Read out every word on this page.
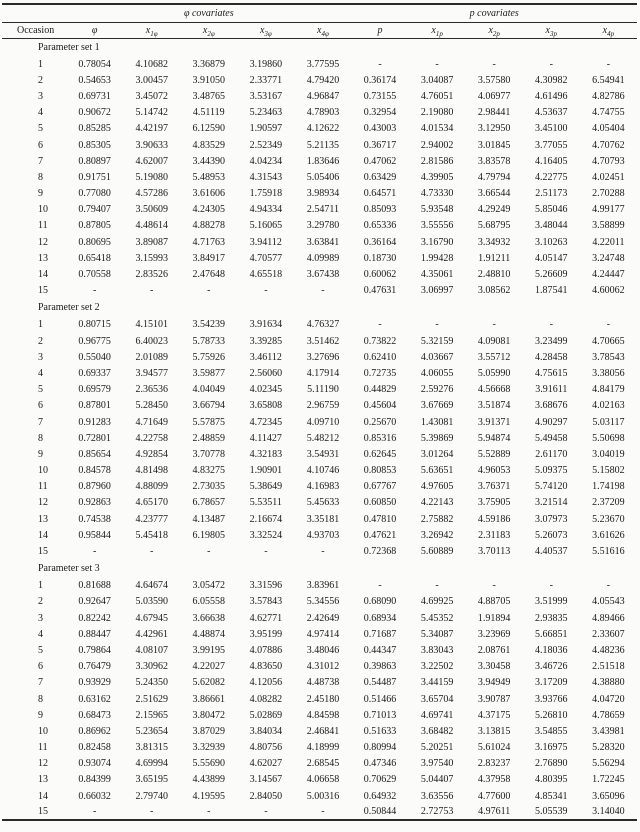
	φ covariates					p covariates				
Occasion	φ	$x_{1\varphi}$	$x_{2\varphi}$	$x_{3\varphi}$	$x_{4\varphi}$	p	$x_{1p}$	$x_{2p}$	$x_{3p}$	$x_{4p}$
Parameter set 1										
1	0.78054	4.10682	3.36879	3.19860	3.77595	-	-	-	-	-
2	0.54653	3.00457	3.91050	2.33771	4.79420	0.36174	3.04087	3.57580	4.30982	6.54941
3	0.69731	3.45072	3.48765	3.53167	4.96847	0.73155	4.76051	4.06977	4.61496	4.82786
4	0.90672	5.14742	4.51119	5.23463	4.78903	0.32954	2.19080	2.98441	4.53637	4.74755
5	0.85285	4.42197	6.12590	1.90597	4.12622	0.43003	4.01534	3.12950	3.45100	4.05404
6	0.85305	3.90633	4.83529	2.52349	5.21135	0.36717	2.94002	3.01845	3.77055	4.70762
7	0.80897	4.62007	3.44390	4.04234	1.83646	0.47062	2.81586	3.83578	4.16405	4.70793
8	0.91751	5.19080	5.48953	4.31543	5.05406	0.63429	4.39905	4.79794	4.22775	4.02451
9	0.77080	4.57286	3.61606	1.75918	3.98934	0.64571	4.73330	3.66544	2.51173	2.70288
10	0.79407	3.50609	4.24305	4.94334	2.54711	0.85093	5.93548	4.29249	5.85046	4.99177
11	0.87805	4.48614	4.88278	5.16065	3.29780	0.65336	3.55556	5.68795	3.48044	3.58899
12	0.80695	3.89087	4.71763	3.94112	3.63841	0.36164	3.16790	3.34932	3.10263	4.22011
13	0.65418	3.15993	3.84917	4.70577	4.09989	0.18730	1.99428	1.91211	4.05147	3.24748
14	0.70558	2.83526	2.47648	4.65518	3.67438	0.60062	4.35061	2.48810	5.26609	4.24447
15	-	-	-	-	-	0.47631	3.06997	3.08562	1.87541	4.60062
Parameter set 2										
1	0.80715	4.15101	3.54239	3.91634	4.76327	-	-	-	-	-
2	0.96775	6.40023	5.78733	3.39285	3.51462	0.73822	5.32159	4.09081	3.23499	4.70665
3	0.55040	2.01089	5.75926	3.46112	3.27696	0.62410	4.03667	3.55712	4.28458	3.78543
4	0.69337	3.94577	3.59877	2.56060	4.17914	0.72735	4.06055	5.05990	4.75615	3.38056
5	0.69579	2.36536	4.04049	4.02345	5.11190	0.44829	2.59276	4.56668	3.91611	4.84179
6	0.87801	5.28450	3.66794	3.65808	2.96759	0.45604	3.67669	3.51874	3.68676	4.02163
7	0.91283	4.71649	5.57875	4.72345	4.09710	0.25670	1.43081	3.91371	4.90297	5.03117
8	0.72801	4.22758	2.48859	4.11427	5.48212	0.85316	5.39869	5.94874	5.49458	5.50698
9	0.85654	4.92854	3.70778	4.32183	3.54931	0.62645	3.01264	5.52889	2.61170	3.04019
10	0.84578	4.81498	4.83275	1.90901	4.10746	0.80853	5.63651	4.96053	5.09375	5.15802
11	0.87960	4.88099	2.73035	5.38649	4.16983	0.67767	4.97605	3.76371	5.74120	1.74198
12	0.92863	4.65170	6.78657	5.53511	5.45633	0.60850	4.22143	3.75905	3.21514	2.37209
13	0.74538	4.23777	4.13487	2.16674	3.35181	0.47810	2.75882	4.59186	3.07973	5.23670
14	0.95844	5.45418	6.19805	3.32524	4.93703	0.47621	3.26942	2.31183	5.26073	3.61626
15	-	-	-	-	-	0.72368	5.60889	3.70113	4.40537	5.51616
Parameter set 3										
1	0.81688	4.64674	3.05472	3.31596	3.83961	-	-	-	-	-
2	0.92647	5.03590	6.05558	3.57843	5.34556	0.68090	4.69925	4.88705	3.51999	4.05543
3	0.82242	4.67945	3.66638	4.62771	2.42649	0.68934	5.45352	1.91894	2.93835	4.89466
4	0.88447	4.42961	4.48874	3.95199	4.97414	0.71687	5.34087	3.23969	5.66851	2.33607
5	0.79864	4.08107	3.99195	4.07886	3.48046	0.44347	3.83043	2.08761	4.18036	4.48236
6	0.76479	3.30962	4.22027	4.83650	4.31012	0.39863	3.22502	3.30458	3.46726	2.51518
7	0.93929	5.24350	5.62082	4.12056	4.48738	0.54487	3.44159	3.94949	3.17209	4.38880
8	0.63162	2.51629	3.86661	4.08282	2.45180	0.51466	3.65704	3.90787	3.93766	4.04720
9	0.68473	2.15965	3.80472	5.02869	4.84598	0.71013	4.69741	4.37175	5.26810	4.78659
10	0.86962	5.23654	3.87029	3.84034	2.46841	0.51633	3.68482	3.13815	3.54855	3.43981
11	0.82458	3.81315	3.32939	4.80756	4.18999	0.80994	5.20251	5.61024	3.16975	5.28320
12	0.93074	4.69994	5.55690	4.62027	2.68545	0.47346	3.97540	2.83237	2.76890	5.56294
13	0.84399	3.65195	4.43899	3.14567	4.06658	0.70629	5.04407	4.37958	4.80395	1.72245
14	0.66032	2.79740	4.19595	2.84050	5.00316	0.64932	3.63556	4.77600	4.85341	3.65096
15	-	-	-	-	-	0.50844	2.72753	4.97611	5.05539	3.14040
